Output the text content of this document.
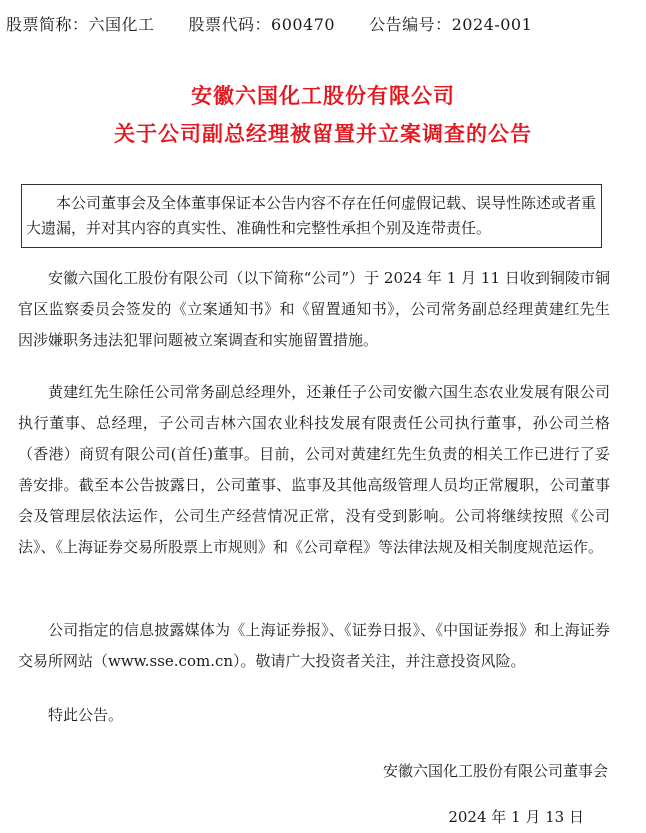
股票简称：六国化工 股票代码：600470 公告编号：2024-001
安徽六国化工股份有限公司
关于公司副总经理被留置并立案调查的公告
本公司董事会及全体董事保证本公告内容不存在任何虚假记载、误导性陈述或者重大遗漏，并对其内容的真实性、准确性和完整性承担个别及连带责任。

安徽六国化工股份有限公司（以下简称“公司”）于 2024 年 1 月 11 日收到铜陵市铜官区监察委员会签发的《立案通知书》和《留置通知书》，公司常务副总经理黄建红先生因涉嫌职务违法犯罪问题被立案调查和实施留置措施。

黄建红先生除任公司常务副总经理外，还兼任子公司安徽六国生态农业发展有限公司执行董事、总经理，子公司吉林六国农业科技发展有限责任公司执行董事，孙公司兰格（香港）商贸有限公司(首任)董事。目前，公司对黄建红先生负责的相关工作已进行了妥善安排。截至本公告披露日，公司董事、监事及其他高级管理人员均正常履职，公司董事会及管理层依法运作，公司生产经营情况正常，没有受到影响。公司将继续按照《公司法》、《上海证券交易所股票上市规则》和《公司章程》等法律法规及相关制度规范运作。

公司指定的信息披露媒体为《上海证券报》、《证券日报》、《中国证券报》和上海证券交易所网站（www.sse.com.cn）。敬请广大投资者关注，并注意投资风险。

特此公告。

安徽六国化工股份有限公司董事会
2024 年 1 月 13 日
